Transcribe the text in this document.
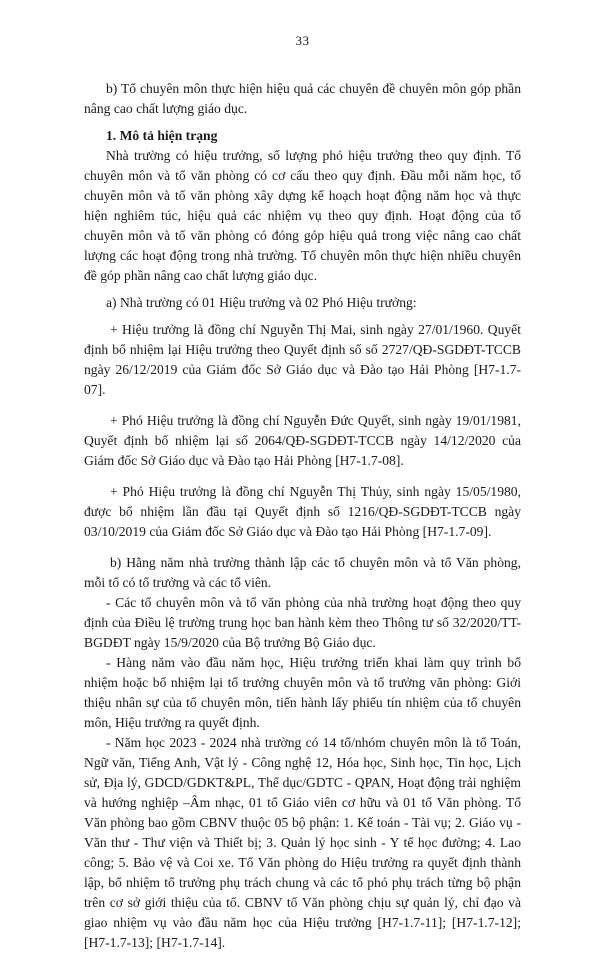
33

b) Tổ chuyên môn thực hiện hiệu quả các chuyên đề chuyên môn góp phần nâng cao chất lượng giáo dục.

1. Mô tả hiện trạng

Nhà trường có hiệu trưởng, số lượng phó hiệu trưởng theo quy định. Tổ chuyên môn và tổ văn phòng có cơ cấu theo quy định. Đầu mỗi năm học, tổ chuyên môn và tổ văn phòng xây dựng kế hoạch hoạt động năm học và thực hiện nghiêm túc, hiệu quả các nhiệm vụ theo quy định. Hoạt động của tổ chuyên môn và tổ văn phòng có đóng góp hiệu quả trong việc nâng cao chất lượng các hoạt động trong nhà trường. Tổ chuyên môn thực hiện nhiều chuyên đề góp phần nâng cao chất lượng giáo dục.

a) Nhà trường có 01 Hiệu trưởng và 02 Phó Hiệu trưởng:

+ Hiệu trưởng là đồng chí Nguyễn Thị Mai, sinh ngày 27/01/1960. Quyết định bổ nhiệm lại Hiệu trưởng theo Quyết định số số 2727/QĐ-SGDĐT-TCCB ngày 26/12/2019 của Giám đốc Sở Giáo dục và Đào tạo Hải Phòng [H7-1.7-07].

+ Phó Hiệu trưởng là đồng chí Nguyễn Đức Quyết, sinh ngày 19/01/1981, Quyết định bổ nhiệm lại số 2064/QĐ-SGDĐT-TCCB ngày 14/12/2020 của Giám đốc Sở Giáo dục và Đào tạo Hải Phòng [H7-1.7-08].

+ Phó Hiệu trưởng là đồng chí Nguyễn Thị Thủy, sinh ngày 15/05/1980, được bổ nhiệm lần đầu tại Quyết định số 1216/QĐ-SGDĐT-TCCB ngày 03/10/2019 của Giám đốc Sở Giáo dục và Đào tạo Hải Phòng [H7-1.7-09].

b) Hằng năm nhà trường thành lập các tổ chuyên môn và tổ Văn phòng, mỗi tổ có tổ trưởng và các tổ viên.

- Các tổ chuyên môn và tổ văn phòng của nhà trường hoạt động theo quy định của Điều lệ trường trung học ban hành kèm theo Thông tư số 32/2020/TT-BGDĐT ngày 15/9/2020 của Bộ trưởng Bộ Giáo dục.

- Hàng năm vào đầu năm học, Hiệu trưởng triển khai làm quy trình bổ nhiệm hoặc bổ nhiệm lại tổ trưởng chuyên môn và tổ trưởng văn phòng: Giới thiệu nhân sự của tổ chuyên môn, tiến hành lấy phiếu tín nhiệm của tổ chuyên môn, Hiệu trưởng ra quyết định.

- Năm học 2023 - 2024 nhà trường có 14 tổ/nhóm chuyên môn là tổ Toán, Ngữ văn, Tiếng Anh, Vật lý - Công nghệ 12, Hóa học, Sinh học, Tin học, Lịch sử, Địa lý, GDCD/GDKT&PL, Thể dục/GDTC - QPAN, Hoạt động trải nghiệm và hướng nghiệp –Âm nhạc, 01 tổ Giáo viên cơ hữu và 01 tổ Văn phòng. Tổ Văn phòng bao gồm CBNV thuộc 05 bộ phận: 1. Kế toán - Tài vụ; 2. Giáo vụ - Văn thư - Thư viện và Thiết bị; 3. Quản lý học sinh - Y tế học đường; 4. Lao công; 5. Bảo vệ và Coi xe. Tổ Văn phòng do Hiệu trưởng ra quyết định thành lập, bổ nhiệm tổ trưởng phụ trách chung và các tổ phó phụ trách từng bộ phận trên cơ sở giới thiệu của tổ. CBNV tổ Văn phòng chịu sự quản lý, chỉ đạo và giao nhiệm vụ vào đầu năm học của Hiệu trưởng [H7-1.7-11]; [H7-1.7-12]; [H7-1.7-13]; [H7-1.7-14].
